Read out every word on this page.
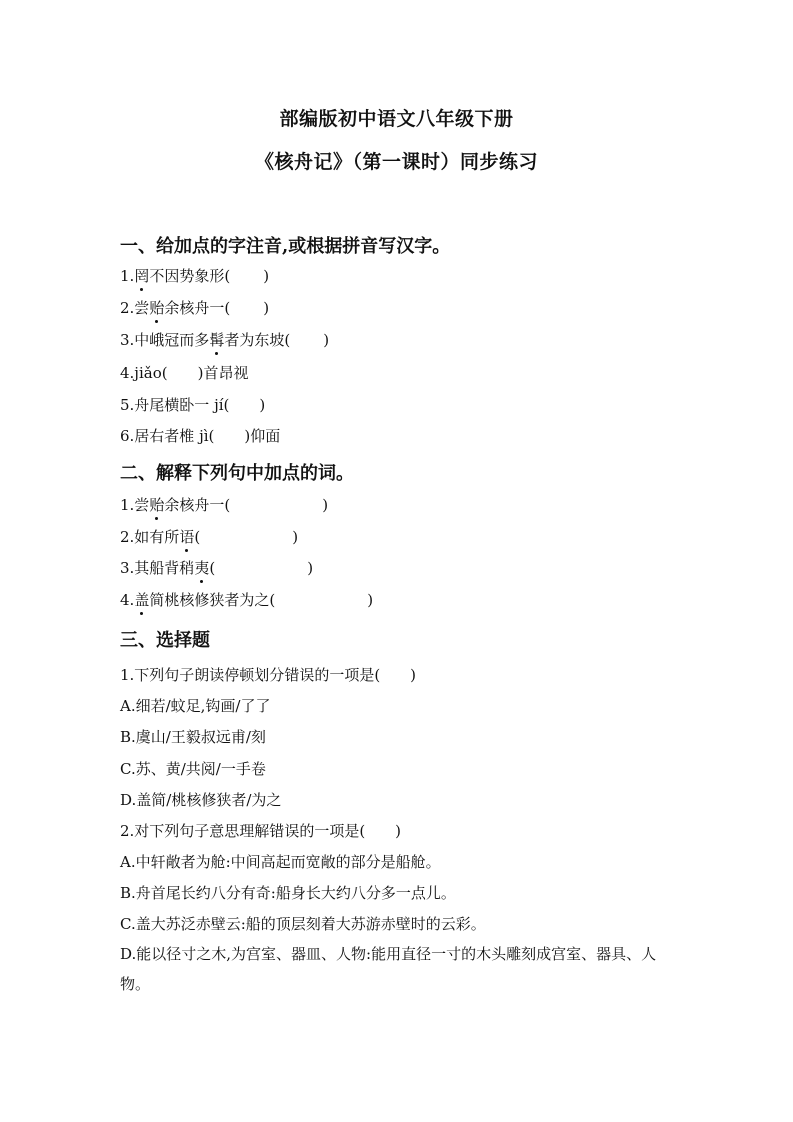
部编版初中语文八年级下册
《核舟记》（第一课时）同步练习
一、给加点的字注音,或根据拼音写汉字。
1.罔不因势象形( )
2.尝贻余核舟一( )
3.中峨冠而多髯者为东坡( )
4.jiǎo( )首昂视
5.舟尾横卧一 jí( )
6.居右者椎 jì( )仰面
二、解释下列句中加点的词。
1.尝贻余核舟一(	)
2.如有所语(	)
3.其船背稍夷(	)
4.盖简桃核修狭者为之(	)
三、选择题
1.下列句子朗读停顿划分错误的一项是(　　)
A.细若/蚊足,钩画/了了
B.虞山/王毅叔远甫/刻
C.苏、黄/共阅/一手卷
D.盖简/桃核修狭者/为之
2.对下列句子意思理解错误的一项是(　　)
A.中轩敞者为舱:中间高起而宽敞的部分是船舱。
B.舟首尾长约八分有奇:船身长大约八分多一点儿。
C.盖大苏泛赤壁云:船的顶层刻着大苏游赤壁时的云彩。
D.能以径寸之木,为宫室、器皿、人物:能用直径一寸的木头雕刻成宫室、器具、人物。
